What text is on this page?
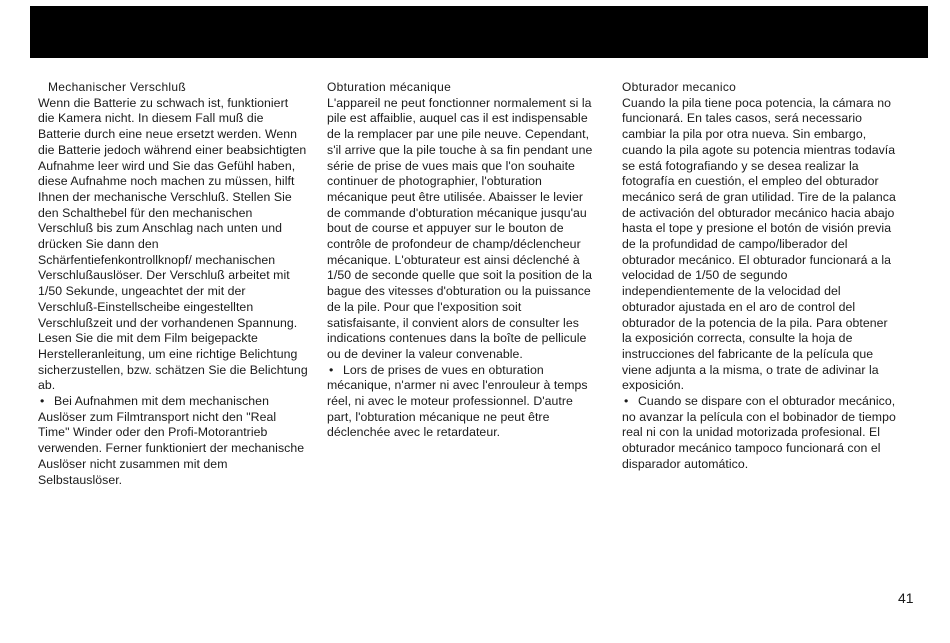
Mechanischer Verschluß
Wenn die Batterie zu schwach ist, funktioniert die Kamera nicht. In diesem Fall muß die Batterie durch eine neue ersetzt werden. Wenn die Batterie jedoch während einer beabsichtigten Aufnahme leer wird und Sie das Gefühl haben, diese Aufnahme noch machen zu müssen, hilft Ihnen der mechanische Verschluß. Stellen Sie den Schalthebel für den mechanischen Verschluß bis zum Anschlag nach unten und drücken Sie dann den Schärfentiefenkontrollknopf/ mechanischen Verschlußauslöser. Der Verschluß arbeitet mit 1/50 Sekunde, ungeachtet der mit der Verschluß-Einstellscheibe eingestellten Verschlußzeit und der vorhandenen Spannung. Lesen Sie die mit dem Film beigepackte Herstelleranleitung, um eine richtige Belichtung sicherzustellen, bzw. schätzen Sie die Belichtung ab.
• Bei Aufnahmen mit dem mechanischen Auslöser zum Filmtransport nicht den "Real Time" Winder oder den Profi-Motorantrieb verwenden. Ferner funktioniert der mechanische Auslöser nicht zusammen mit dem Selbstauslöser.
Obturation mécanique
L'appareil ne peut fonctionner normalement si la pile est affaiblie, auquel cas il est indispensable de la remplacer par une pile neuve. Cependant, s'il arrive que la pile touche à sa fin pendant une série de prise de vues mais que l'on souhaite continuer de photographier, l'obturation mécanique peut être utilisée. Abaisser le levier de commande d'obturation mécanique jusqu'au bout de course et appuyer sur le bouton de contrôle de profondeur de champ/déclencheur mécanique. L'obturateur est ainsi déclenché à 1/50 de seconde quelle que soit la position de la bague des vitesses d'obturation ou la puissance de la pile. Pour que l'exposition soit satisfaisante, il convient alors de consulter les indications contenues dans la boîte de pellicule ou de deviner la valeur convenable.
• Lors de prises de vues en obturation mécanique, n'armer ni avec l'enrouleur à temps réel, ni avec le moteur professionnel. D'autre part, l'obturation mécanique ne peut être déclenchée avec le retardateur.
Obturador mecanico
Cuando la pila tiene poca potencia, la cámara no funcionará. En tales casos, será necessario cambiar la pila por otra nueva. Sin embargo, cuando la pila agote su potencia mientras todavía se está fotografiando y se desea realizar la fotografía en cuestión, el empleo del obturador mecánico será de gran utilidad. Tire de la palanca de activación del obturador mecánico hacia abajo hasta el tope y presione el botón de visión previa de la profundidad de campo/liberador del obturador mecánico. El obturador funcionará a la velocidad de 1/50 de segundo independientemente de la velocidad del obturador ajustada en el aro de control del obturador de la potencia de la pila. Para obtener la exposición correcta, consulte la hoja de instrucciones del fabricante de la película que viene adjunta a la misma, o trate de adivinar la exposición.
• Cuando se dispare con el obturador mecánico, no avanzar la película con el bobinador de tiempo real ni con la unidad motorizada profesional. El obturador mecánico tampoco funcionará con el disparador automático.
41
